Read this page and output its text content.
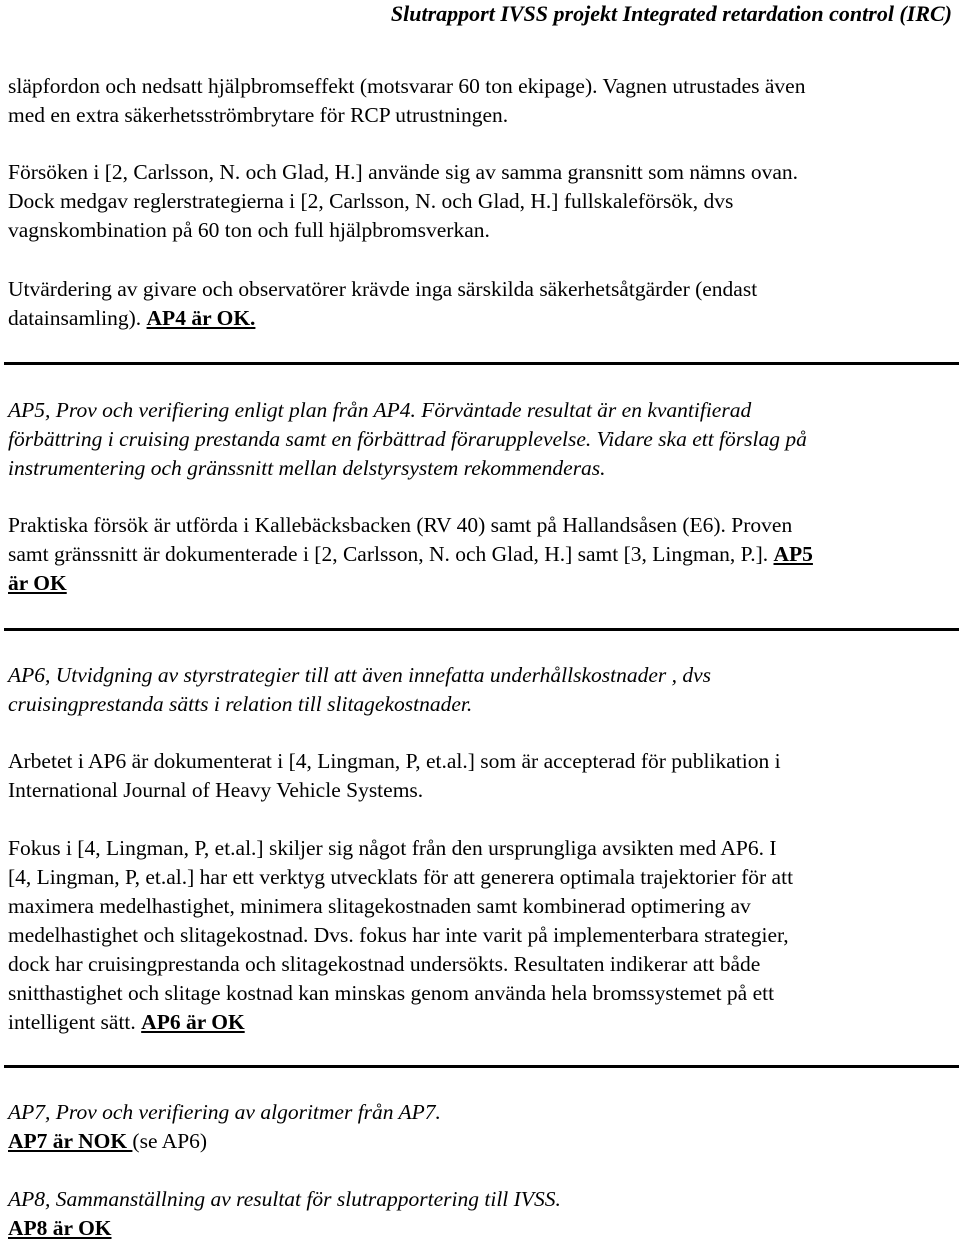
Slutrapport IVSS projekt Integrated retardation control (IRC)
släpfordon och nedsatt hjälpbromseffekt (motsvarar 60 ton ekipage). Vagnen utrustades även
med en extra säkerhetsströmbrytare för RCP utrustningen.
Försöken i [2, Carlsson, N. och Glad, H.] använde sig av samma gransnitt som nämns ovan.
Dock medgav reglerstrategierna i [2, Carlsson, N. och Glad, H.] fullskaleförsök, dvs
vagnskombination på 60 ton och full hjälpbromsverkan.
Utvärdering av givare och observatörer krävde inga särskilda säkerhetsåtgärder (endast
datainsamling). AP4 är OK.
AP5, Prov och verifiering enligt plan från AP4. Förväntade resultat är en kvantifierad
förbättring i cruising prestanda samt en förbättrad förarupplevelse. Vidare ska ett förslag på
instrumentering och gränssnitt mellan delstyrsystem rekommenderas.
Praktiska försök är utförda i Kallebäcksbacken (RV 40) samt på Hallandsåsen (E6). Proven
samt gränssnitt är dokumenterade i [2, Carlsson, N. och Glad, H.] samt [3, Lingman, P.]. AP5
är OK
AP6, Utvidgning av styrstrategier till att även innefatta underhållskostnader , dvs
cruisingprestanda sätts i relation till slitagekostnader.
Arbetet i AP6 är dokumenterat i [4, Lingman, P, et.al.] som är accepterad för publikation i
International Journal of Heavy Vehicle Systems.
Fokus i [4, Lingman, P, et.al.] skiljer sig något från den ursprungliga avsikten med AP6. I
[4, Lingman, P, et.al.] har ett verktyg utvecklats för att generera optimala trajektorier för att
maximera medelhastighet, minimera slitagekostnaden samt kombinerad optimering av
medelhastighet och slitagekostnad. Dvs. fokus har inte varit på implementerbara strategier,
dock har cruisingprestanda och slitagekostnad undersökts. Resultaten indikerar att både
snitthastighet och slitage kostnad kan minskas genom använda hela bromssystemet på ett
intelligent sätt. AP6 är OK
AP7, Prov och verifiering av algoritmer från AP7.
AP7 är NOK (se AP6)
AP8, Sammanställning av resultat för slutrapportering till IVSS.
AP8 är OK
